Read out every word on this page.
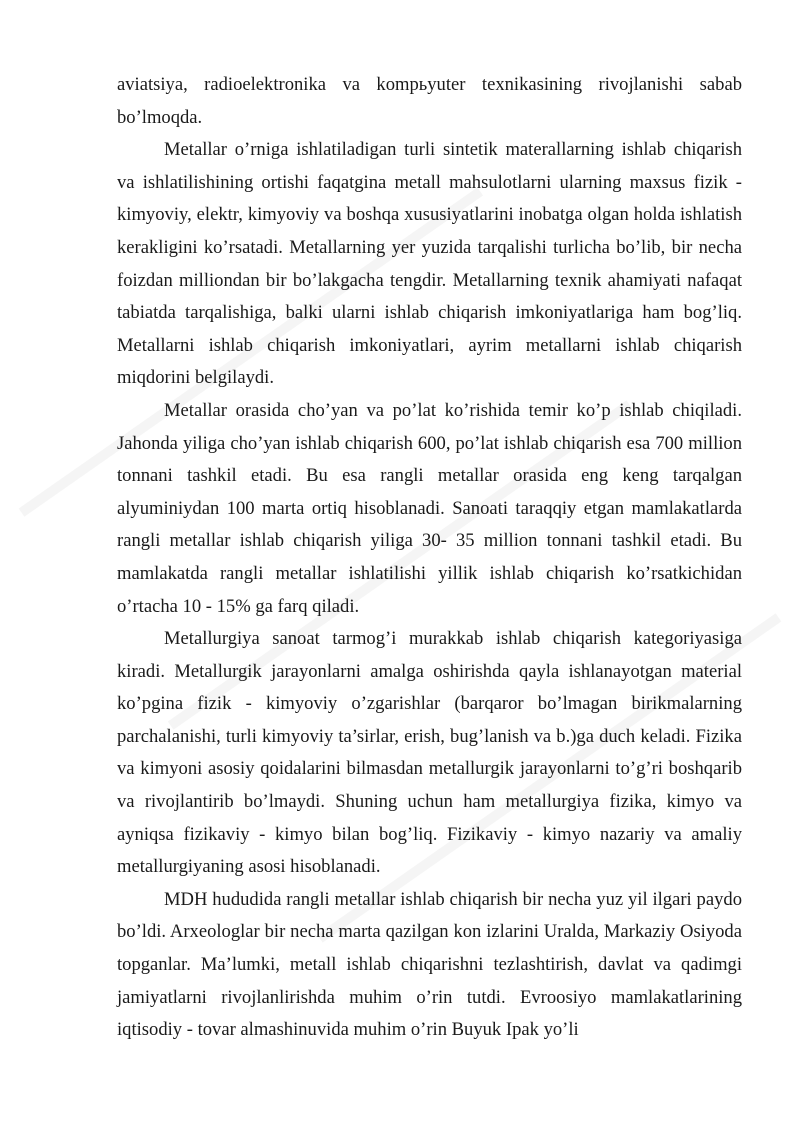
aviatsiya, radioelektronika va kompьyuter texnikasining rivojlanishi sabab bo’lmoqda.

Metallar o’rniga ishlatiladigan turli sintetik materallarning ishlab chiqarish va ishlatilishining ortishi faqatgina metall mahsulotlarni ularning maxsus fizik - kimyoviy, elektr, kimyoviy va boshqa xususiyatlarini inobatga olgan holda ishlatish kerakligini ko’rsatadi. Metallarning yer yuzida tarqalishi turlicha bo’lib, bir necha foizdan milliondan bir bo’lakgacha tengdir. Metallarning texnik ahamiyati nafaqat tabiatda tarqalishiga, balki ularni ishlab chiqarish imkoniyatlariga ham bog’liq. Metallarni ishlab chiqarish imkoniyatlari, ayrim metallarni ishlab chiqarish miqdorini belgilaydi.

Metallar orasida cho’yan va po’lat ko’rishida temir ko’p ishlab chiqiladi. Jahonda yiliga cho’yan ishlab chiqarish 600, po’lat ishlab chiqarish esa 700 million tonnani tashkil etadi. Bu esa rangli metallar orasida eng keng tarqalgan alyuminiydan 100 marta ortiq hisoblanadi. Sanoati taraqqiy etgan mamlakatlarda rangli metallar ishlab chiqarish yiliga 30- 35 million tonnani tashkil etadi. Bu mamlakatda rangli metallar ishlatilishi yillik ishlab chiqarish ko’rsatkichidan o’rtacha 10 - 15% ga farq qiladi.

Metallurgiya sanoat tarmog’i murakkab ishlab chiqarish kategoriyasiga kiradi. Metallurgik jarayonlarni amalga oshirishda qayla ishlanayotgan material ko’pgina fizik - kimyoviy o’zgarishlar (barqaror bo’lmagan birikmalarning parchalanishi, turli kimyoviy ta’sirlar, erish, bug’lanish va b.)ga duch keladi. Fizika va kimyoni asosiy qoidalarini bilmasdan metallurgik jarayonlarni to’g’ri boshqarib va rivojlantirib bo’lmaydi. Shuning uchun ham metallurgiya fizika, kimyo va ayniqsa fizikaviy - kimyo bilan bog’liq. Fizikaviy - kimyo nazariy va amaliy metallurgiyaning asosi hisoblanadi.

MDH hududida rangli metallar ishlab chiqarish bir necha yuz yil ilgari paydo bo’ldi. Arxeologlar bir necha marta qazilgan kon izlarini Uralda, Markaziy Osiyoda topganlar. Ma’lumki, metall ishlab chiqarishni tezlashtirish, davlat va qadimgi jamiyatlarni rivojlanlirishda muhim o’rin tutdi. Evroosiyo mamlakatlarining iqtisodiy - tovar almashinuvida muhim o’rin Buyuk Ipak yo’li
